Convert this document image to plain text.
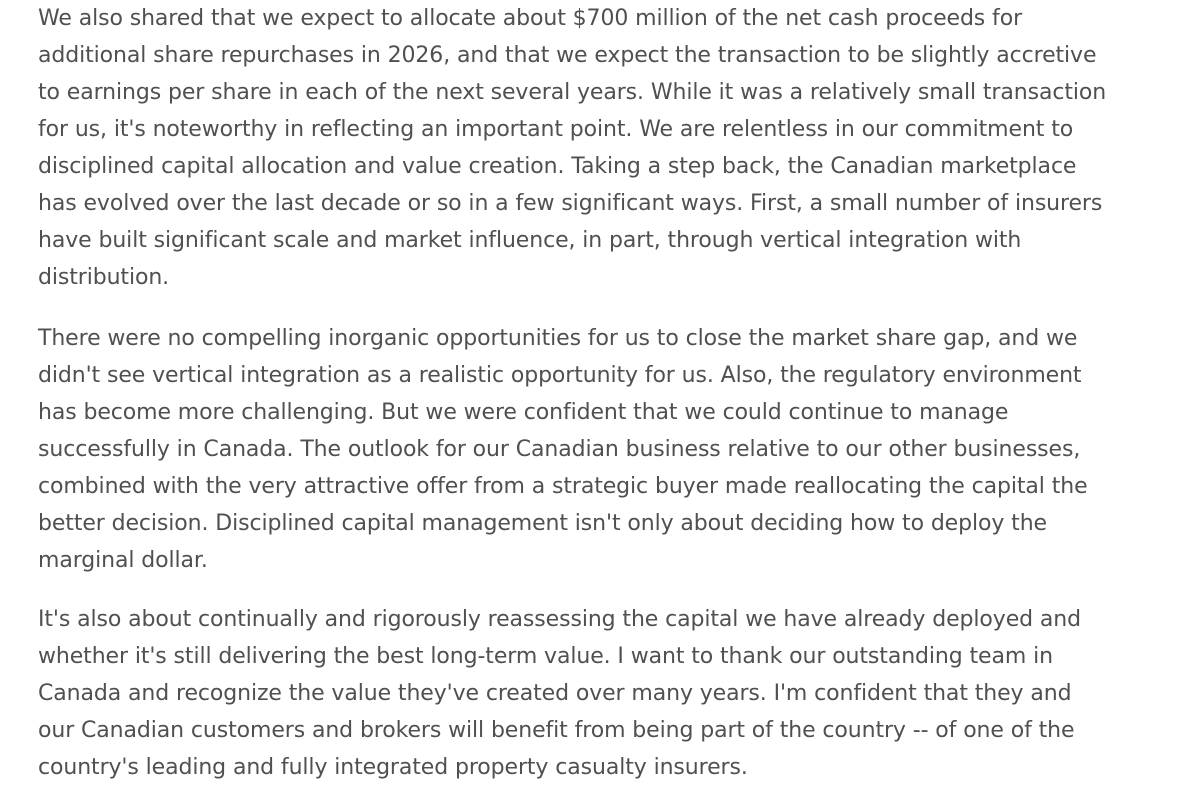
We also shared that we expect to allocate about $700 million of the net cash proceeds for
additional share repurchases in 2026, and that we expect the transaction to be slightly accretive
to earnings per share in each of the next several years. While it was a relatively small transaction
for us, it's noteworthy in reflecting an important point. We are relentless in our commitment to
disciplined capital allocation and value creation. Taking a step back, the Canadian marketplace
has evolved over the last decade or so in a few significant ways. First, a small number of insurers
have built significant scale and market influence, in part, through vertical integration with
distribution.

There were no compelling inorganic opportunities for us to close the market share gap, and we
didn't see vertical integration as a realistic opportunity for us. Also, the regulatory environment
has become more challenging. But we were confident that we could continue to manage
successfully in Canada. The outlook for our Canadian business relative to our other businesses,
combined with the very attractive offer from a strategic buyer made reallocating the capital the
better decision. Disciplined capital management isn't only about deciding how to deploy the
marginal dollar.

It's also about continually and rigorously reassessing the capital we have already deployed and
whether it's still delivering the best long-term value. I want to thank our outstanding team in
Canada and recognize the value they've created over many years. I'm confident that they and
our Canadian customers and brokers will benefit from being part of the country -- of one of the
country's leading and fully integrated property casualty insurers.
